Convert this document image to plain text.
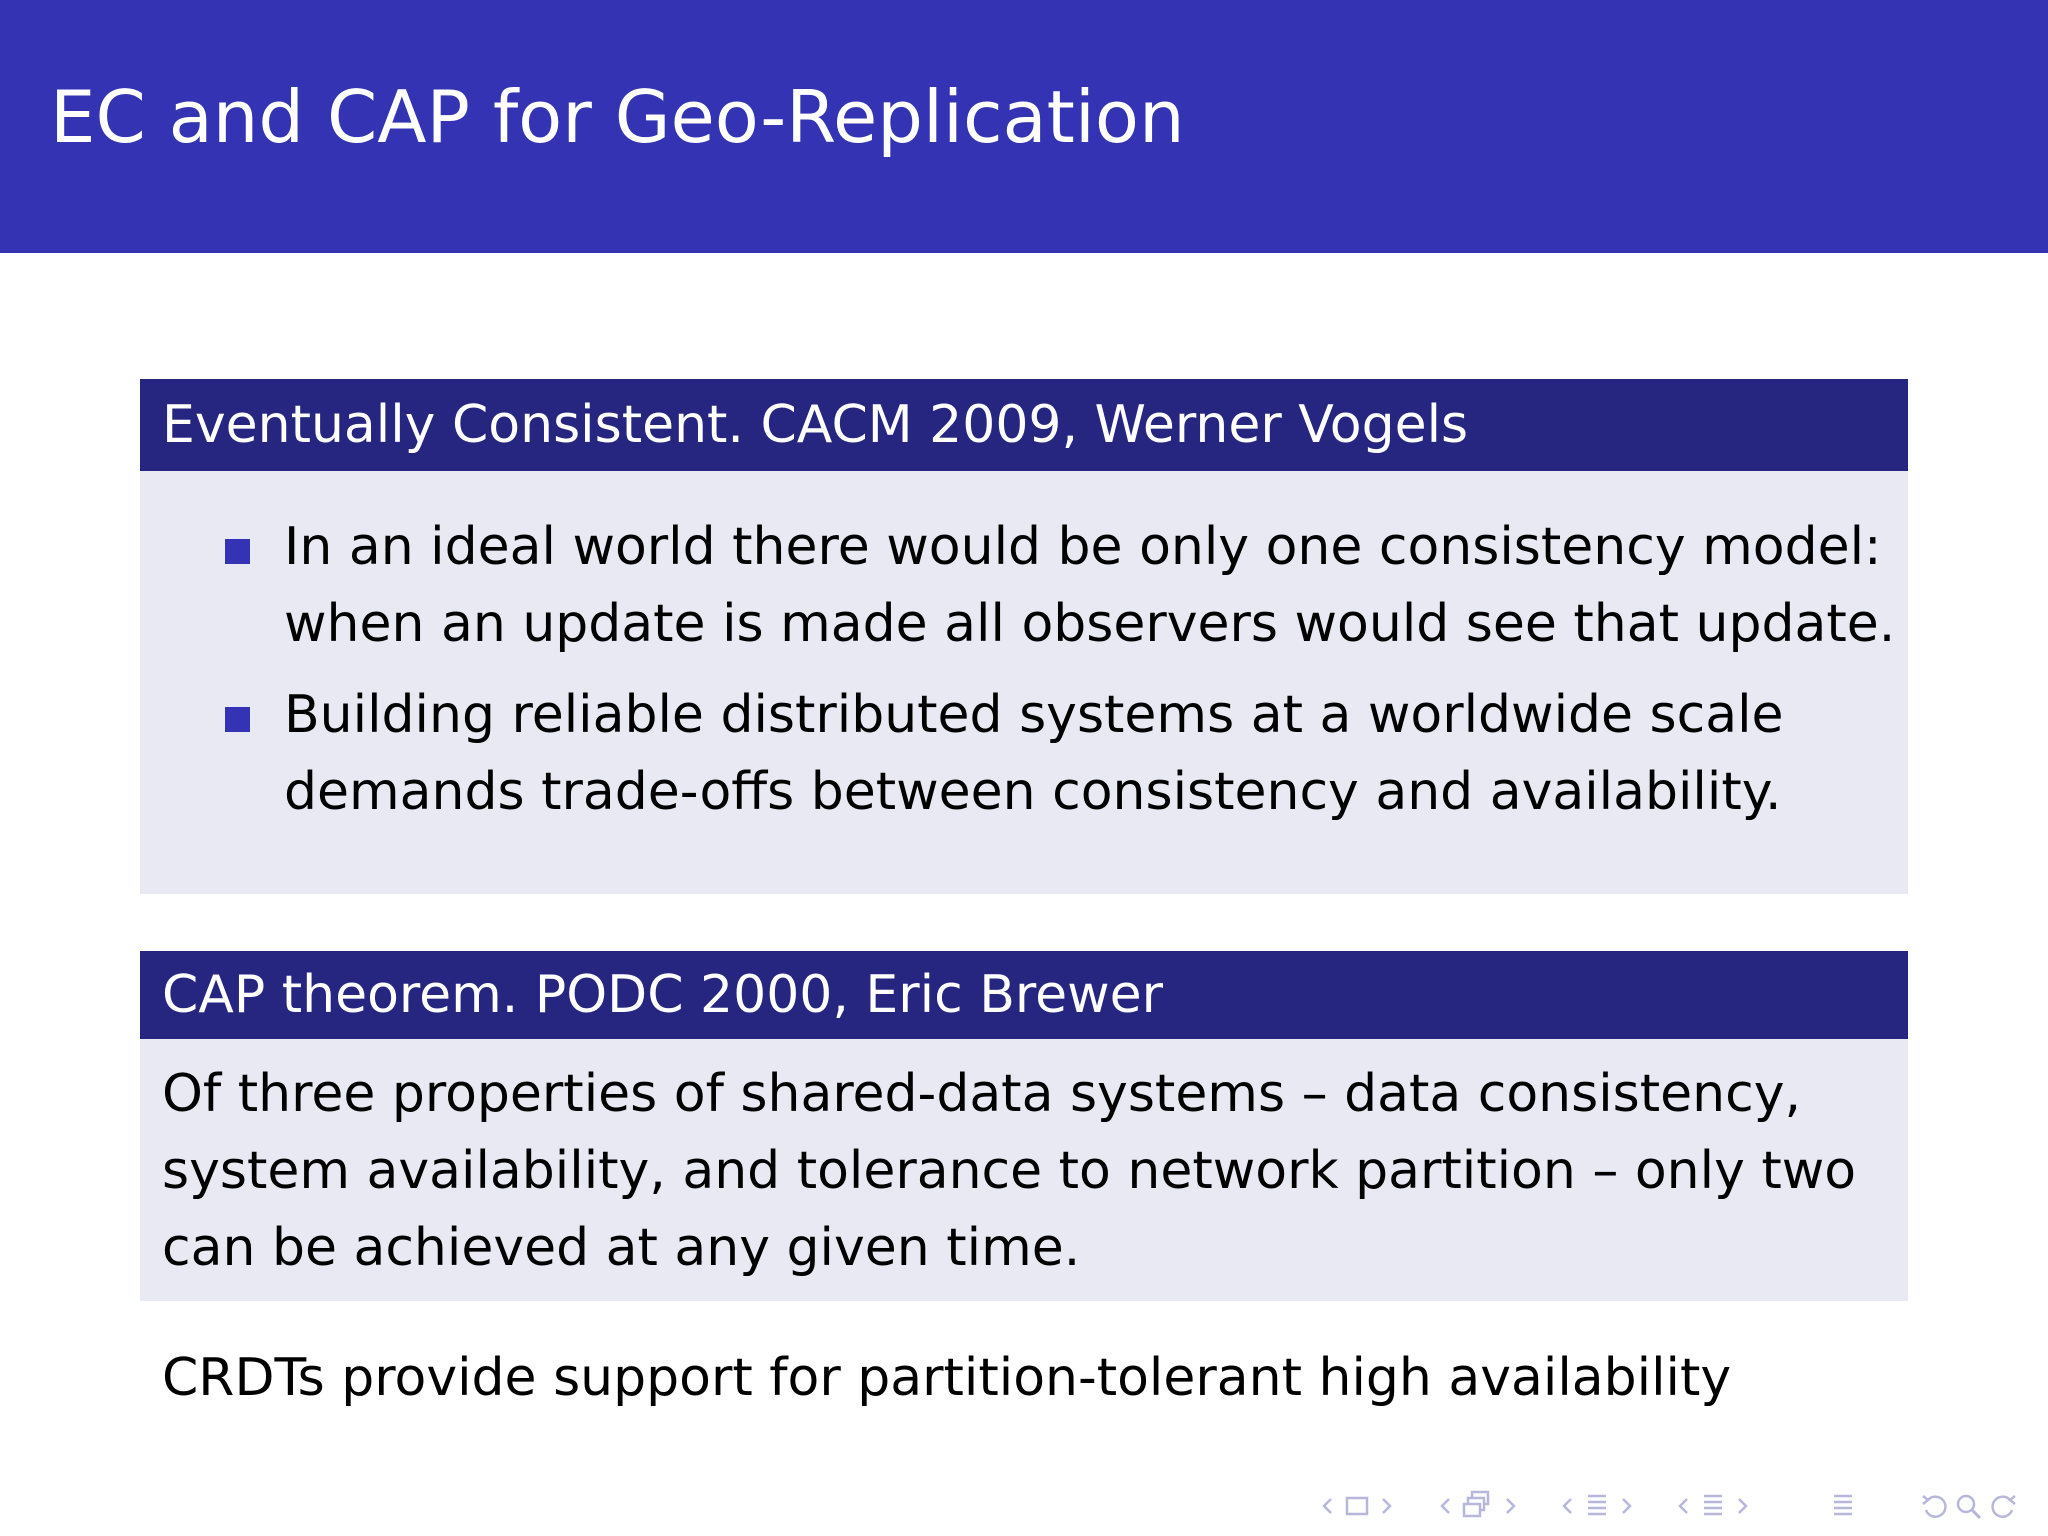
EC and CAP for Geo-Replication
Eventually Consistent. CACM 2009, Werner Vogels
In an ideal world there would be only one consistency model:
when an update is made all observers would see that update.
Building reliable distributed systems at a worldwide scale
demands trade-offs between consistency and availability.
CAP theorem. PODC 2000, Eric Brewer
Of three properties of shared-data systems – data consistency,
system availability, and tolerance to network partition – only two
can be achieved at any given time.
CRDTs provide support for partition-tolerant high availability
